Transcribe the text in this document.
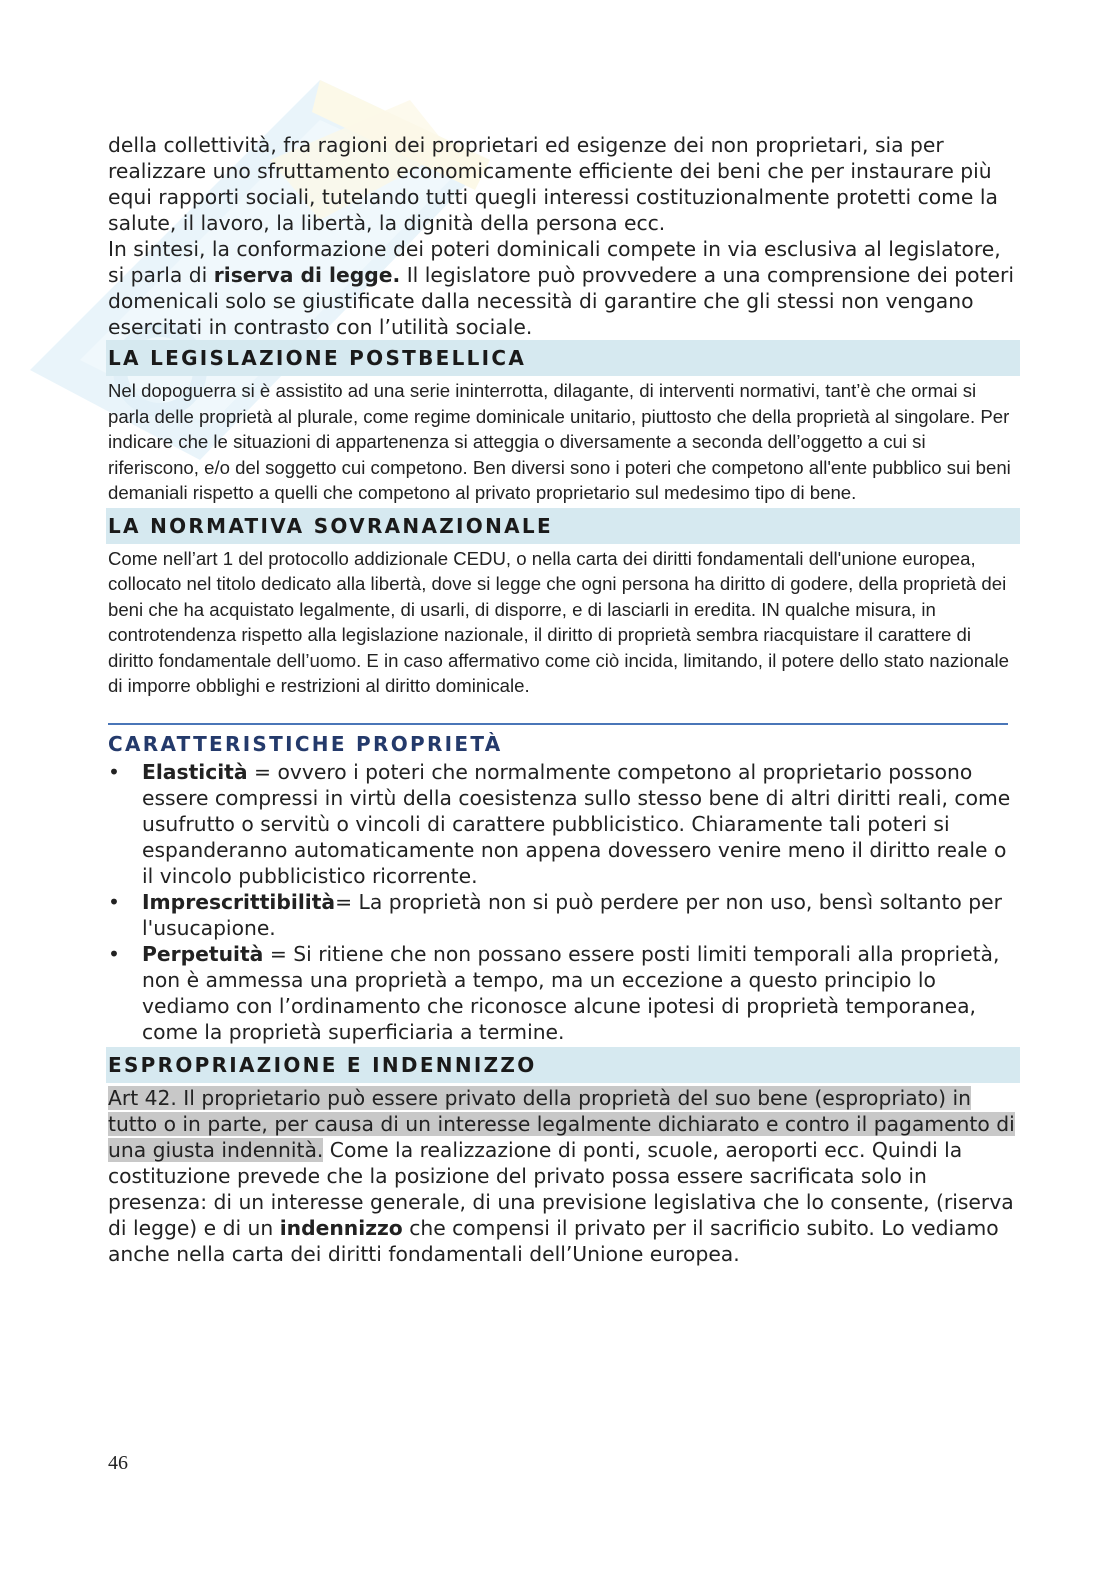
della collettività, fra ragioni dei proprietari ed esigenze dei non proprietari, sia per realizzare uno sfruttamento economicamente efficiente dei beni che per instaurare più equi rapporti sociali, tutelando tutti quegli interessi costituzionalmente protetti come la salute, il lavoro, la libertà, la dignità della persona ecc.

In sintesi, la conformazione dei poteri dominicali compete in via esclusiva al legislatore, si parla di riserva di legge. Il legislatore può provvedere a una comprensione dei poteri domenicali solo se giustificate dalla necessità di garantire che gli stessi non vengano esercitati in contrasto con l’utilità sociale.

LA LEGISLAZIONE POSTBELLICA

Nel dopoguerra si è assistito ad una serie ininterrotta, dilagante, di interventi normativi, tant’è che ormai si parla delle proprietà al plurale, come regime dominicale unitario, piuttosto che della proprietà al singolare. Per indicare che le situazioni di appartenenza si atteggia o diversamente a seconda dell’oggetto a cui si riferiscono, e/o del soggetto cui competono. Ben diversi sono i poteri che competono all'ente pubblico sui beni demaniali rispetto a quelli che competono al privato proprietario sul medesimo tipo di bene.

LA NORMATIVA SOVRANAZIONALE

Come nell’art 1 del protocollo addizionale CEDU, o nella carta dei diritti fondamentali dell'unione europea, collocato nel titolo dedicato alla libertà, dove si legge che ogni persona ha diritto di godere, della proprietà dei beni che ha acquistato legalmente, di usarli, di disporre, e di lasciarli in eredita. IN qualche misura, in controtendenza rispetto alla legislazione nazionale, il diritto di proprietà sembra riacquistare il carattere di diritto fondamentale dell’uomo. E in caso affermativo come ciò incida, limitando, il potere dello stato nazionale di imporre obblighi e restrizioni al diritto dominicale.

CARATTERISTICHE PROPRIETÀ
• Elasticità = ovvero i poteri che normalmente competono al proprietario possono essere compressi in virtù della coesistenza sullo stesso bene di altri diritti reali, come usufrutto o servitù o vincoli di carattere pubblicistico. Chiaramente tali poteri si espanderanno automaticamente non appena dovessero venire meno il diritto reale o il vincolo pubblicistico ricorrente.
• Imprescrittibilità= La proprietà non si può perdere per non uso, bensì soltanto per l'usucapione.
• Perpetuità = Si ritiene che non possano essere posti limiti temporali alla proprietà, non è ammessa una proprietà a tempo, ma un eccezione a questo principio lo vediamo con l’ordinamento che riconosce alcune ipotesi di proprietà temporanea, come la proprietà superficiaria a termine.
ESPROPRIAZIONE E INDENNIZZO

Art 42. Il proprietario può essere privato della proprietà del suo bene (espropriato) in tutto o in parte, per causa di un interesse legalmente dichiarato e contro il pagamento di una giusta indennità. Come la realizzazione di ponti, scuole, aeroporti ecc. Quindi la costituzione prevede che la posizione del privato possa essere sacrificata solo in presenza: di un interesse generale, di una previsione legislativa che lo consente, (riserva di legge) e di un indennizzo che compensi il privato per il sacrificio subito. Lo vediamo anche nella carta dei diritti fondamentali dell’Unione europea.

46
